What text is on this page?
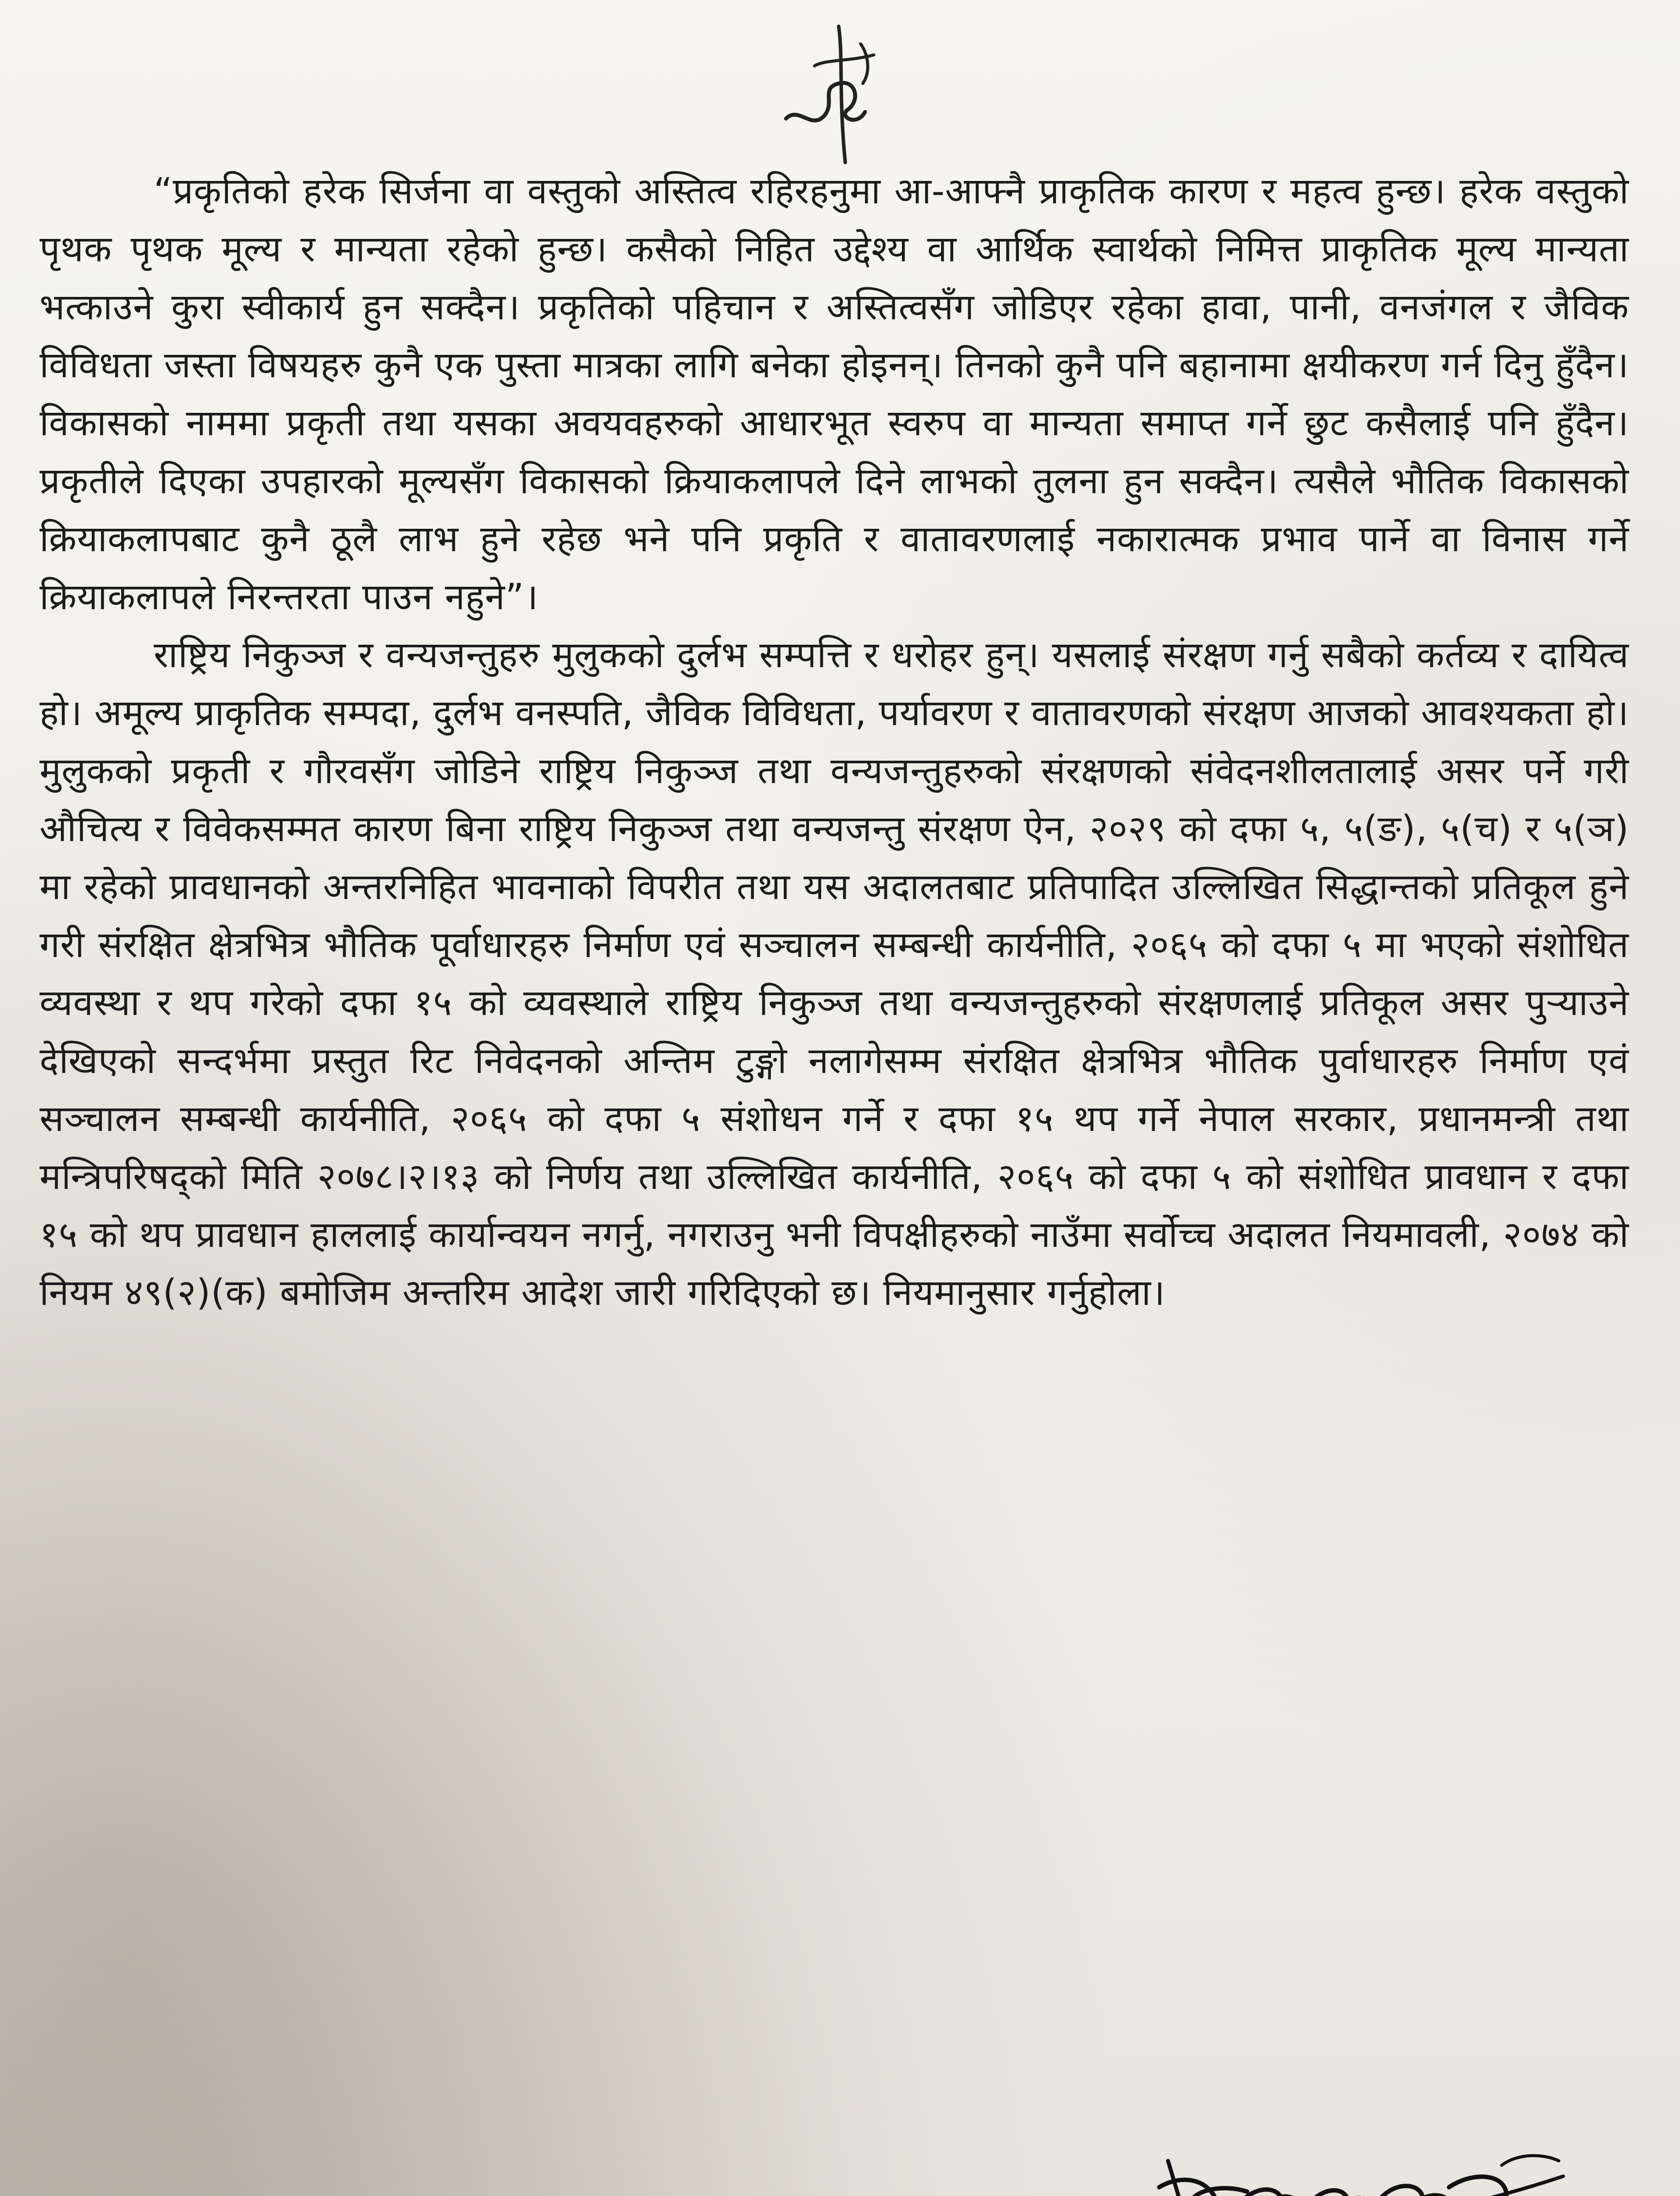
“प्रकृतिको हरेक सिर्जना वा वस्तुको अस्तित्व रहिरहनुमा आ-आफ्नै प्राकृतिक कारण र महत्व हुन्छ। हरेक वस्तुको पृथक पृथक मूल्य र मान्यता रहेको हुन्छ। कसैको निहित उद्देश्य वा आर्थिक स्वार्थको निमित्त प्राकृतिक मूल्य मान्यता भत्काउने कुरा स्वीकार्य हुन सक्दैन। प्रकृतिको पहिचान र अस्तित्वसँग जोडिएर रहेका हावा, पानी, वनजंगल र जैविक विविधता जस्ता विषयहरु कुनै एक पुस्ता मात्रका लागि बनेका होइनन्। तिनको कुनै पनि बहानामा क्षयीकरण गर्न दिनु हुँदैन। विकासको नाममा प्रकृती तथा यसका अवयवहरुको आधारभूत स्वरुप वा मान्यता समाप्त गर्ने छुट कसैलाई पनि हुँदैन। प्रकृतीले दिएका उपहारको मूल्यसँग विकासको क्रियाकलापले दिने लाभको तुलना हुन सक्दैन। त्यसैले भौतिक विकासको क्रियाकलापबाट कुनै ठूलै लाभ हुने रहेछ भने पनि प्रकृति र वातावरणलाई नकारात्मक प्रभाव पार्ने वा विनास गर्ने क्रियाकलापले निरन्तरता पाउन नहुने”।

राष्ट्रिय निकुञ्ज र वन्यजन्तुहरु मुलुकको दुर्लभ सम्पत्ति र धरोहर हुन्। यसलाई संरक्षण गर्नु सबैको कर्तव्य र दायित्व हो। अमूल्य प्राकृतिक सम्पदा, दुर्लभ वनस्पति, जैविक विविधता, पर्यावरण र वातावरणको संरक्षण आजको आवश्यकता हो। मुलुकको प्रकृती र गौरवसँग जोडिने राष्ट्रिय निकुञ्ज तथा वन्यजन्तुहरुको संरक्षणको संवेदनशीलतालाई असर पर्ने गरी औचित्य र विवेकसम्मत कारण बिना राष्ट्रिय निकुञ्ज तथा वन्यजन्तु संरक्षण ऐन, २०२९ को दफा ५, ५(ङ), ५(च) र ५(ञ) मा रहेको प्रावधानको अन्तरनिहित भावनाको विपरीत तथा यस अदालतबाट प्रतिपादित उल्लिखित सिद्धान्तको प्रतिकूल हुने गरी संरक्षित क्षेत्रभित्र भौतिक पूर्वाधारहरु निर्माण एवं सञ्चालन सम्बन्धी कार्यनीति, २०६५ को दफा ५ मा भएको संशोधित व्यवस्था र थप गरेको दफा १५ को व्यवस्थाले राष्ट्रिय निकुञ्ज तथा वन्यजन्तुहरुको संरक्षणलाई प्रतिकूल असर पुऱ्याउने देखिएको सन्दर्भमा प्रस्तुत रिट निवेदनको अन्तिम टुङ्गो नलागेसम्म संरक्षित क्षेत्रभित्र भौतिक पुर्वाधारहरु निर्माण एवं सञ्चालन सम्बन्धी कार्यनीति, २०६५ को दफा ५ संशोधन गर्ने र दफा १५ थप गर्ने नेपाल सरकार, प्रधानमन्त्री तथा मन्त्रिपरिषद्को मिति २०७८।२।१३ को निर्णय तथा उल्लिखित कार्यनीति, २०६५ को दफा ५ को संशोधित प्रावधान र दफा १५ को थप प्रावधान हाललाई कार्यान्वयन नगर्नु, नगराउनु भनी विपक्षीहरुको नाउँमा सर्वोच्च अदालत नियमावली, २०७४ को नियम ४९(२)(क) बमोजिम अन्तरिम आदेश जारी गरिदिएको छ। नियमानुसार गर्नुहोला।
